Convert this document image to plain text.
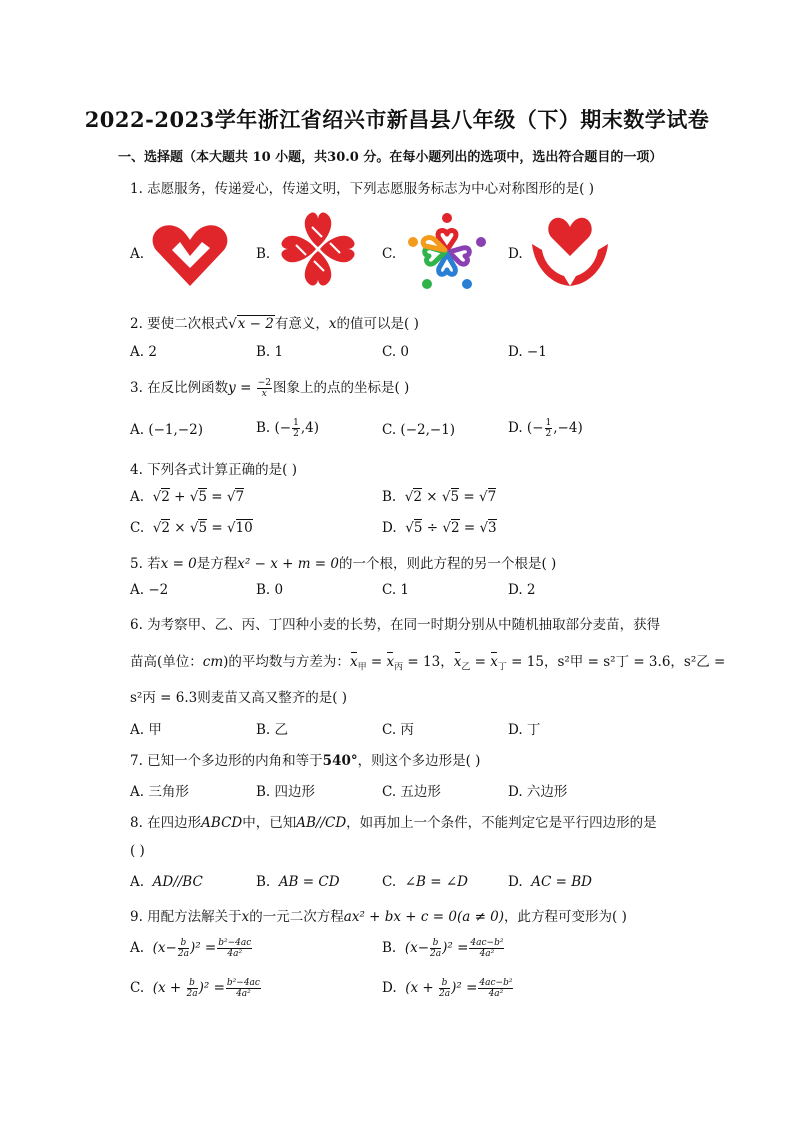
2022-2023学年浙江省绍兴市新昌县八年级（下）期末数学试卷
一、选择题（本大题共 10 小题，共30.0 分。在每小题列出的选项中，选出符合题目的一项）
1. 志愿服务，传递爱心，传递文明，下列志愿服务标志为中心对称图形的是( )
A.	B.	C.	D.
2. 要使二次根式√x − 2有意义，x的值可以是( )
A. 2	B. 1	C. 0	D. −1
3. 在反比例函数$y = \frac{-2}{x}$ 图象上的点的坐标是( )
A. (−1,−2)	B. (− $\frac{1}{2} ,4$)	C. (−2,−1)	D. (− $\frac{1}{2} ,-4$)
4. 下列各式计算正确的是( )
A.  √2 + √5 = √7	B.  √2 × √5 = √7
C.  √2 × √5 = √10	D.  √5 ÷ √2 = √3
5. 若x = 0是方程x² − x + m = 0的一个根，则此方程的另一个根是( )
A. −2	B. 0	C. 1	D. 2
6. 为考察甲、乙、丙、丁四种小麦的长势，在同一时期分别从中随机抽取部分麦苗，获得
苗高(单位：cm)的平均数与方差为：$x_甲 = x_丙 = 13$，$x_乙 = x_丁 = 15$，s²甲 = s²丁 = 3.6，s²乙 =
s²丙 = 6.3则麦苗又高又整齐的是( )
A. 甲	B. 乙	C. 丙	D. 丁
7. 已知一个多边形的内角和等于540°，则这个多边形是( )
A. 三角形	B. 四边形	C. 五边形	D. 六边形
8. 在四边形ABCD中，已知AB//CD，如再加上一个条件，不能判定它是平行四边形的是
( )
A. AD//BC	B. AB = CD	C. ∠B = ∠D	D. AC = BD
9. 用配方法解关于x的一元二次方程ax² + bx + c = 0(a ≠ 0)，此方程可变形为( )
A. $(x- \frac{b}{2a} )^2 = \frac{\text{b²−4ac}}{\text{4a²}}$	B. $(x- \frac{b}{2a} )^2 = \frac{\text{4ac−b²}}{\text{4a²}}$
C. $(x + \frac{b}{2a} )^2 = \frac{\text{b²−4ac}}{\text{4a²}}$	D. $(x + \frac{b}{2a} )^2 = \frac{\text{4ac−b²}}{\text{4a²}}$
